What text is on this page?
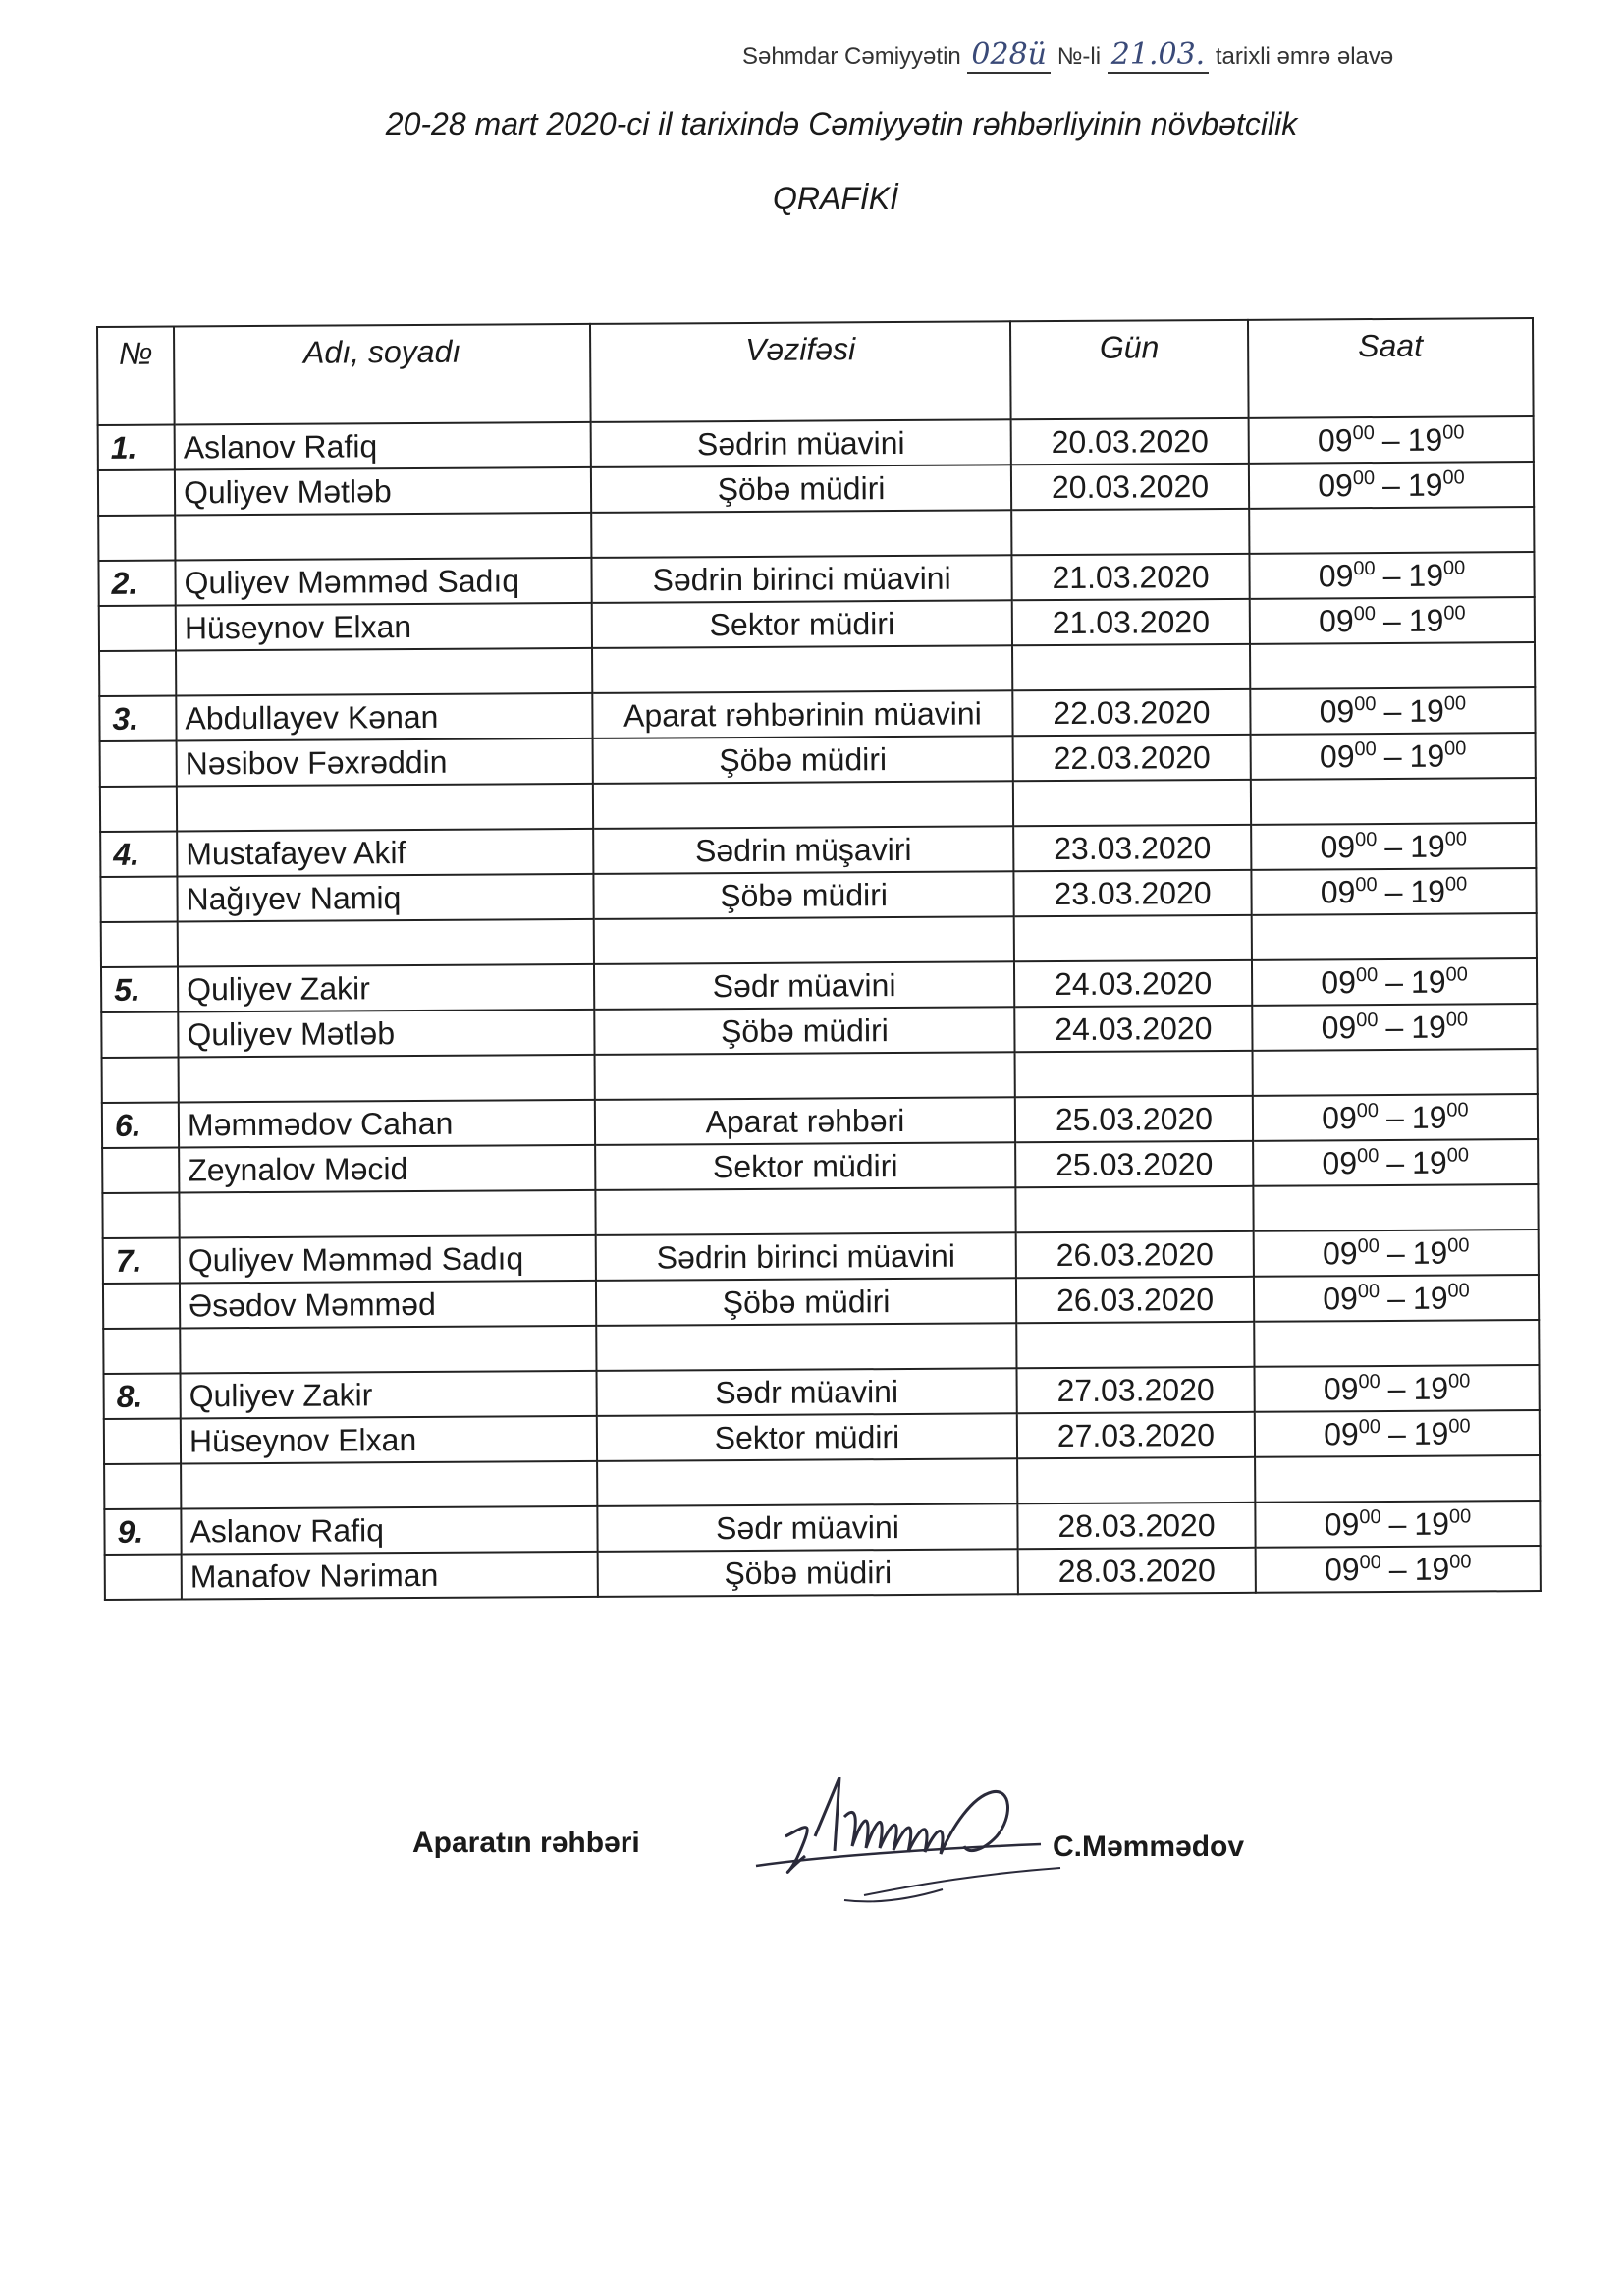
Səhmdar Cəmiyyətin 028ü №-li 21.03. tarixli əmrə əlavə
20-28 mart 2020-ci il tarixində Cəmiyyətin rəhbərliyinin növbətcilik
QRAFİKİ
№	Adı, soyadı	Vəzifəsi	Gün	Saat
1.	Aslanov Rafiq	Sədrin müavini	20.03.2020	$09^{00} - 19^{00}$
	Quliyev Mətləb	Şöbə müdiri	20.03.2020	$09^{00} - 19^{00}$

2.	Quliyev Məmməd Sadıq	Sədrin birinci müavini	21.03.2020	$09^{00} - 19^{00}$
	Hüseynov Elxan	Sektor müdiri	21.03.2020	$09^{00} - 19^{00}$

3.	Abdullayev Kənan	Aparat rəhbərinin müavini	22.03.2020	$09^{00} - 19^{00}$
	Nəsibov Fəxrəddin	Şöbə müdiri	22.03.2020	$09^{00} - 19^{00}$

4.	Mustafayev Akif	Sədrin müşaviri	23.03.2020	$09^{00} - 19^{00}$
	Nağıyev Namiq	Şöbə müdiri	23.03.2020	$09^{00} - 19^{00}$

5.	Quliyev Zakir	Sədr müavini	24.03.2020	$09^{00} - 19^{00}$
	Quliyev Mətləb	Şöbə müdiri	24.03.2020	$09^{00} - 19^{00}$

6.	Məmmədov Cahan	Aparat rəhbəri	25.03.2020	$09^{00} - 19^{00}$
	Zeynalov Məcid	Sektor müdiri	25.03.2020	$09^{00} - 19^{00}$

7.	Quliyev Məmməd Sadıq	Sədrin birinci müavini	26.03.2020	$09^{00} - 19^{00}$
	Əsədov Məmməd	Şöbə müdiri	26.03.2020	$09^{00} - 19^{00}$

8.	Quliyev Zakir	Sədr müavini	27.03.2020	$09^{00} - 19^{00}$
	Hüseynov Elxan	Sektor müdiri	27.03.2020	$09^{00} - 19^{00}$

9.	Aslanov Rafiq	Sədr müavini	28.03.2020	$09^{00} - 19^{00}$
	Manafov Nəriman	Şöbə müdiri	28.03.2020	$09^{00} - 19^{00}$
Aparatın rəhbəri	C.Məmmədov
